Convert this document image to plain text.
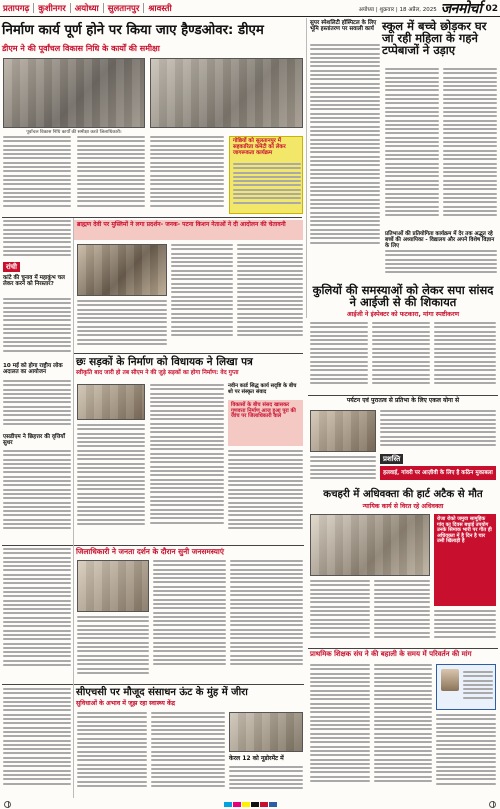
प्रतापगढ़ कुशीनगर अयोध्या सुलतानपुर श्रावस्ती	अयोध्या | शुक्रवार | 18 अप्रैल, 2025 जनमोर्चा 02
निर्माण कार्य पूर्ण होने पर किया जाए हैण्डओवर: डीएम
डीएम ने की पूर्वांचल विकास निधि के कार्यों की समीक्षा
पूर्वांचल विकास निधि कार्यों की समीक्षा करते जिलाधिकारी।
गोष्ठियों को सुलतानपुर में सहकारिता कमेटी को लेकर जागरूकता कार्यक्रम
सुपर स्पेशलिटी हॉस्पिटल के लिए भूमि हस्तांतरण पर सवाली कार्य स्कूल में बच्चे छोड़कर घर जा रही महिला के गहने टप्पेबाजों ने उड़ाए
प्रतिभाओं की प्रतियोगिता कार्यक्रम में देर तक अद्भुत रहे बच्चें की अध्यापिका - विद्यालय और अपने विशेष विज्ञान के लिए
रांची
कांटे की चुनाव में महाकुंभ चल लेकर करने को निरस्तार?
10 मई को होगा राष्ट्रीय लोक अदालत का आयोजन
एसडीएम ने छिहत्तर की वृत्तियाँ सुधर
ब्राह्मण देवी पर मुस्लिमों ने लगा प्रदर्शन- जनक- पटना किशन नेताओं ने दी आदोलन की चेतावनी
कुलियों की समस्याओं को लेकर सपा सांसद ने आईजी से की शिकायत
आईजी ने इंस्पेक्टर को फटकारा, मांगा स्पष्टीकरण
छः सड़कों के निर्माण को विधायक ने लिखा पत्र
स्वीकृति बाद जारी हो तब सीएम ने की जुड़े सड़कों का होगा निर्माण: वेद गुप्ता
नवीन कार्ड सिद्ध कार्य सदृष्टि के बीच शो पर संस्कृत संवाद
विकासों के बीच संसद खासकर गुणवत्ता निर्माण आज हुआ पूरा की जांच पर जिलाधिकारी वाले
पर्यटन एवं पुरातत्व से प्रतिभा के लिए एकल योगा से
प्रशस्ति
हलवाई, गांवरी पर आज़ीवी के लिए है कठिन मुकाबला
कचहरी में अधिवक्ता की हार्ट अटैक से मौत
न्यायिक कार्य से विरत रहे अधिवक्ता
रोजा रोको जमुवा सामूहिक गांव का दिवस बधाई उपयोग उनके सिमाक भारी पर गीत ही अधिवक्ता में है दिन है चार उसी खिलाड़ी है
जिलाधिकारी ने जनता दर्शन के दौरान सुनी जनसमस्याएं
सीएचसी पर मौजूद संसाधन ऊंट के मुंह में जीरा
सुविधाओं के अभाव में जूझ रहा स्वास्थ्य केंद्र
केरल 12 को नूडोरमेंट में
प्राथमिक शिक्षक संघ ने की बहाली के समय में परिवर्तन की मांग
